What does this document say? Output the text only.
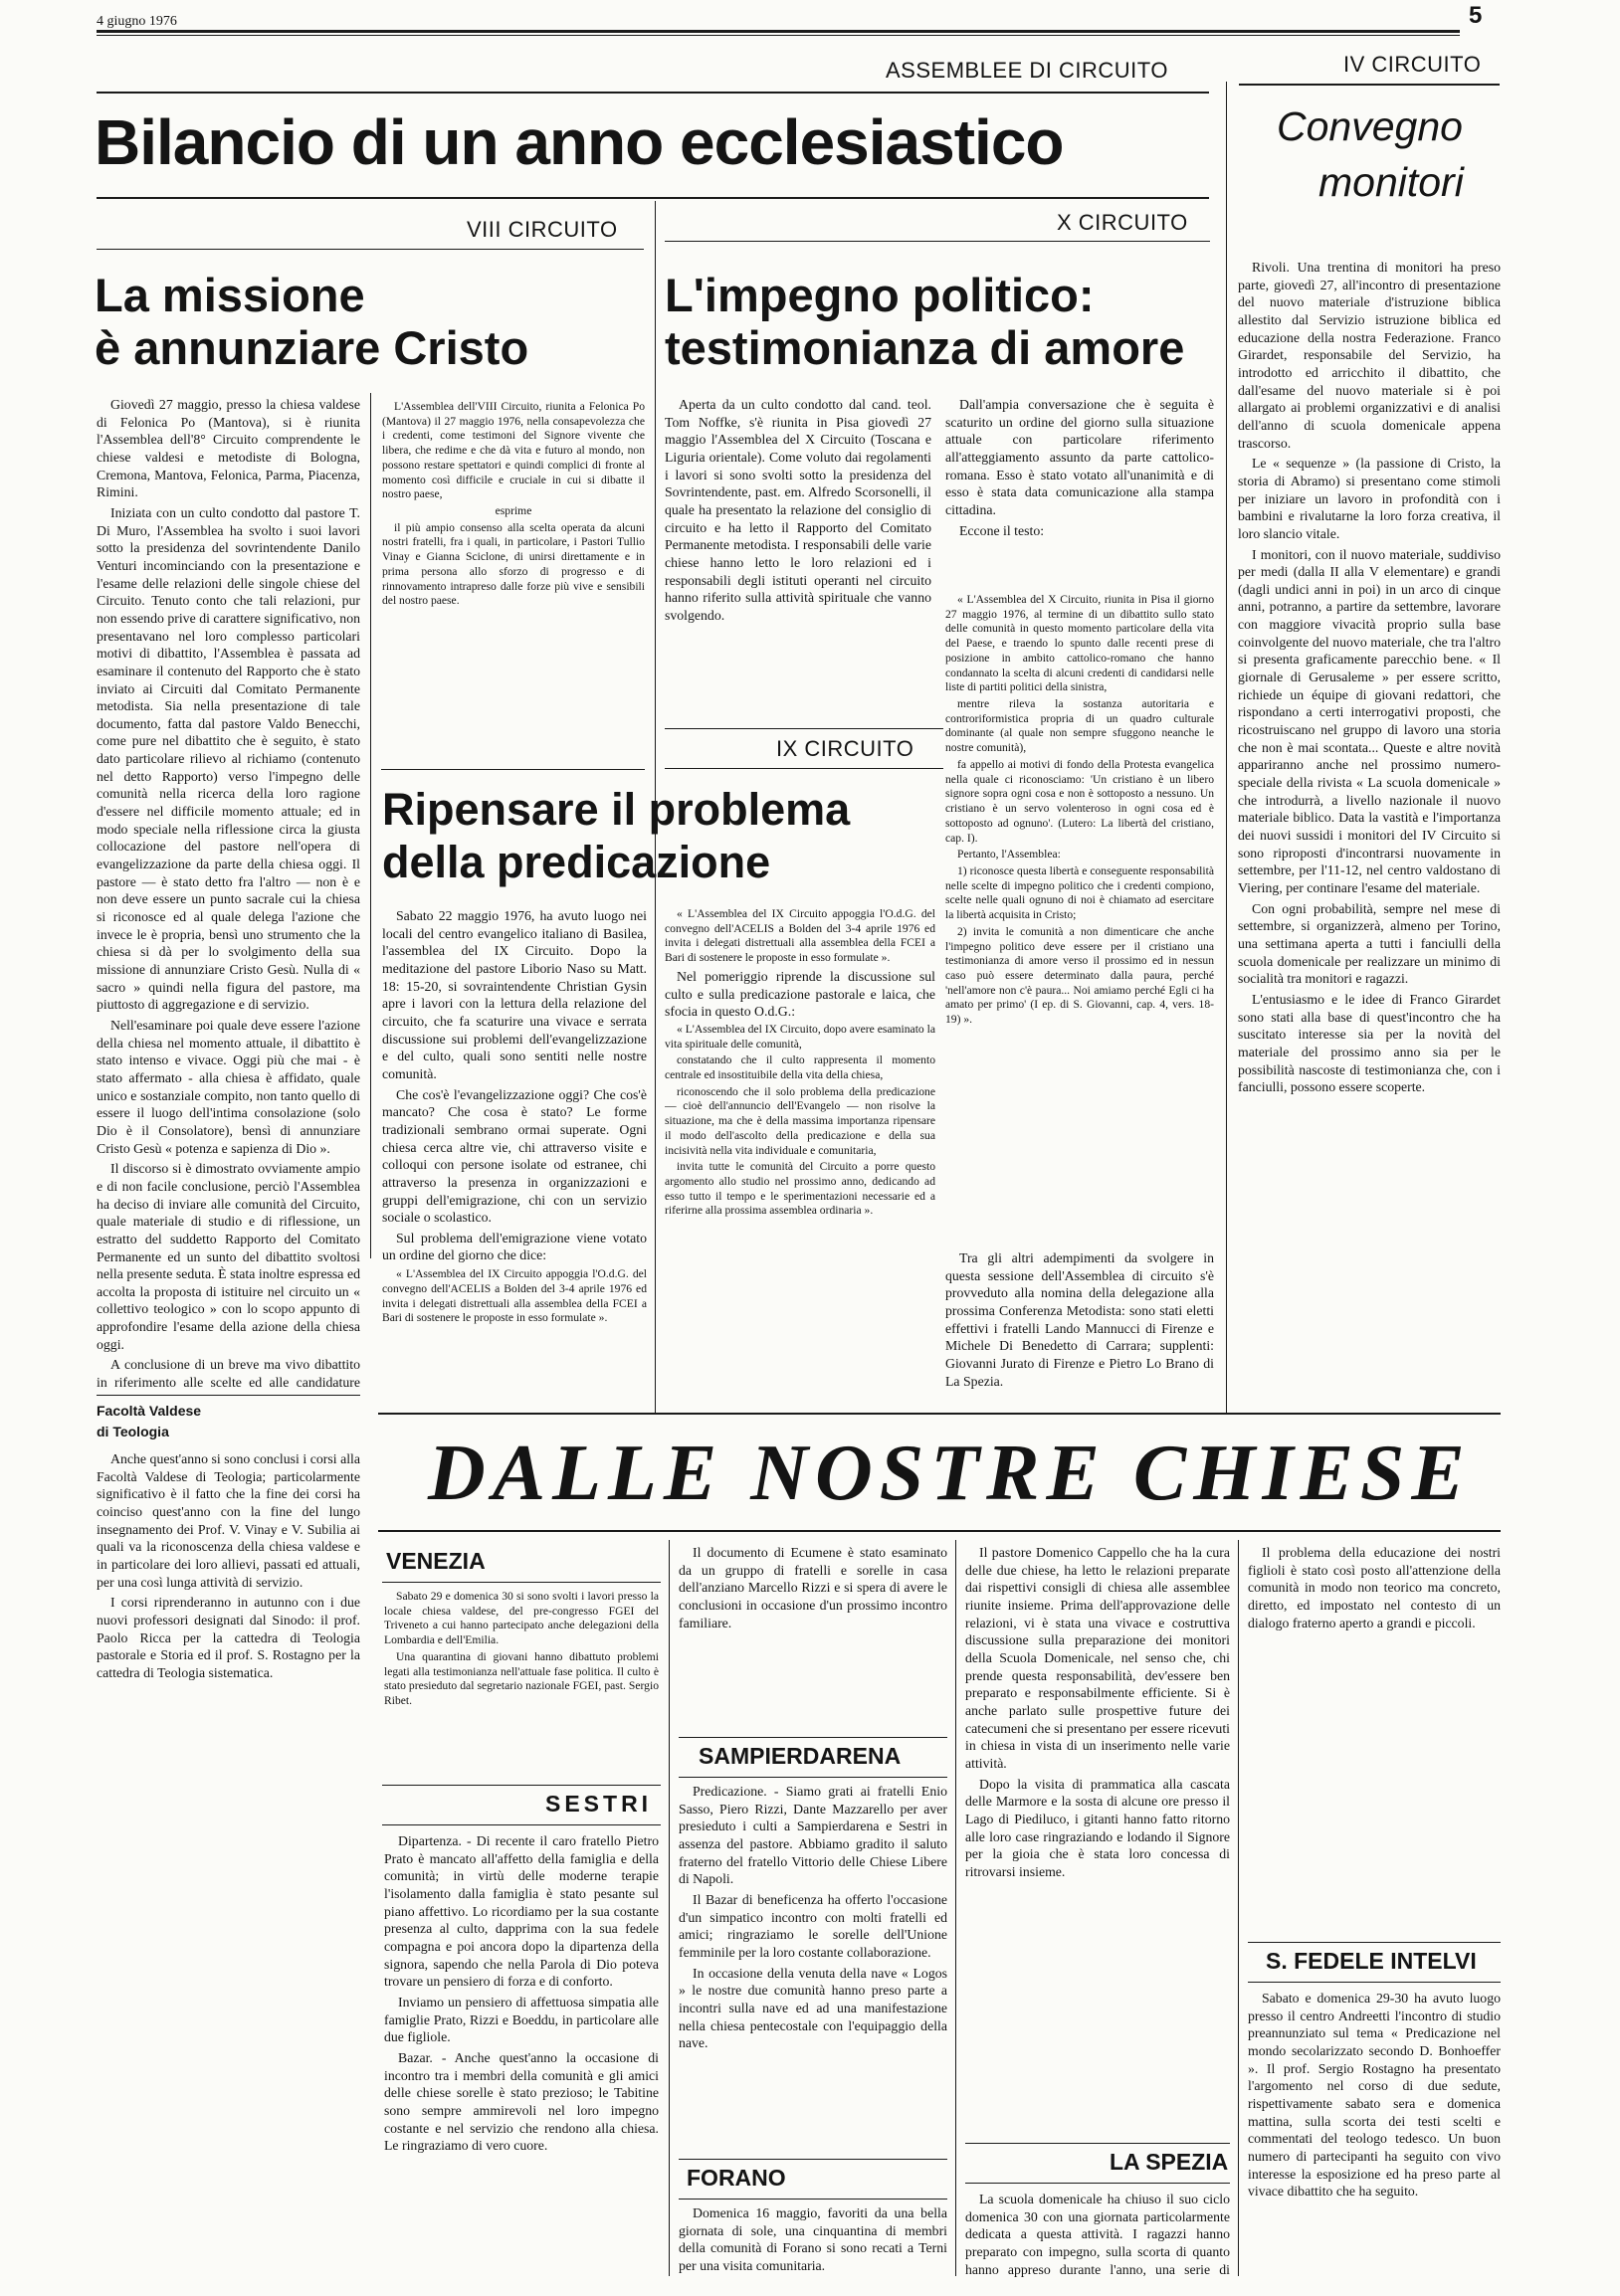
4 giugno 1976	5
ASSEMBLEE DI CIRCUITO	IV CIRCUITO
Bilancio di un anno ecclesiastico	Convegno
monitori
VIII CIRCUITO	X CIRCUITO
La missione
è annunziare Cristo
L'impegno politico:
testimonianza di amore

Giovedì 27 maggio, presso la chiesa valdese di Felonica Po (Mantova), si è riunita l'Assemblea dell'8° Circuito comprendente le chiese valdesi e metodiste di Bologna, Cremona, Mantova, Felonica, Parma, Piacenza, Rimini.

Iniziata con un culto condotto dal pastore T. Di Muro, l'Assemblea ha svolto i suoi lavori sotto la presidenza del sovrintendente Danilo Venturi incominciando con la presentazione e l'esame delle relazioni delle singole chiese del Circuito. Tenuto conto che tali relazioni, pur non essendo prive di carattere significativo, non presentavano nel loro complesso particolari motivi di dibattito, l'Assemblea è passata ad esaminare il contenuto del Rapporto che è stato inviato ai Circuiti dal Comitato Permanente metodista. Sia nella presentazione di tale documento, fatta dal pastore Valdo Benecchi, come pure nel dibattito che è seguito, è stato dato particolare rilievo al richiamo (contenuto nel detto Rapporto) verso l'impegno delle comunità nella ricerca della loro ragione d'essere nel difficile momento attuale; ed in modo speciale nella riflessione circa la giusta collocazione del pastore nell'opera di evangelizzazione da parte della chiesa oggi. Il pastore — è stato detto fra l'altro — non è e non deve essere un punto sacrale cui la chiesa si riconosce ed al quale delega l'azione che invece le è propria, bensì uno strumento che la chiesa si dà per lo svolgimento della sua missione di annunziare Cristo Gesù. Nulla di « sacro » quindi nella figura del pastore, ma piuttosto di aggregazione e di servizio.

Nell'esaminare poi quale deve essere l'azione della chiesa nel momento attuale, il dibattito è stato intenso e vivace. Oggi più che mai - è stato affermato - alla chiesa è affidato, quale unico e sostanziale compito, non tanto quello di essere il luogo dell'intima consolazione (solo Dio è il Consolatore), bensì di annunziare Cristo Gesù « potenza e sapienza di Dio ».

Il discorso si è dimostrato ovviamente ampio e di non facile conclusione, perciò l'Assemblea ha deciso di inviare alle comunità del Circuito, quale materiale di studio e di riflessione, un estratto del suddetto Rapporto del Comitato Permanente ed un sunto del dibattito svoltosi nella presente seduta. È stata inoltre espressa ed accolta la proposta di istituire nel circuito un « collettivo teologico » con lo scopo appunto di approfondire l'esame della azione della chiesa oggi.

A conclusione di un breve ma vivo dibattito in riferimento alle scelte ed alle candidature

L'Assemblea dell'VIII Circuito, riunita a Felonica Po (Mantova) il 27 maggio 1976, nella consapevolezza che i credenti, come testimoni del Signore vivente che libera, che redime e che dà vita e futuro al mondo, non possono restare spettatori e quindi complici di fronte al momento così difficile e cruciale in cui si dibatte il nostro paese,

esprime

il più ampio consenso alla scelta operata da alcuni nostri fratelli, fra i quali, in particolare, i Pastori Tullio Vinay e Gianna Sciclone, di unirsi direttamente e in prima persona allo sforzo di progresso e di rinnovamento intrapreso dalle forze più vive e sensibili del nostro paese.

Aperta da un culto condotto dal cand. teol. Tom Noffke, s'è riunita in Pisa giovedì 27 maggio l'Assemblea del X Circuito (Toscana e Liguria orientale). Come voluto dai regolamenti i lavori si sono svolti sotto la presidenza del Sovrintendente, past. em. Alfredo Scorsonelli, il quale ha presentato la relazione del consiglio di circuito e ha letto il Rapporto del Comitato Permanente metodista. I responsabili delle varie chiese hanno letto le loro relazioni ed i responsabili degli istituti operanti nel circuito hanno riferito sulla attività spirituale che vanno svolgendo.

Dall'ampia conversazione che è seguita è scaturito un ordine del giorno sulla situazione attuale con particolare riferimento all'atteggiamento assunto da parte cattolico-romana. Esso è stato votato all'unanimità e di esso è stata data comunicazione alla stampa cittadina.

Eccone il testo:

« L'Assemblea del X Circuito, riunita in Pisa il giorno 27 maggio 1976, al termine di un dibattito sullo stato delle comunità in questo momento particolare della vita del Paese, e traendo lo spunto dalle recenti prese di posizione in ambito cattolico-romano che hanno condannato la scelta di alcuni credenti di candidarsi nelle liste di partiti politici della sinistra,

mentre rileva la sostanza autoritaria e controriformistica propria di un quadro culturale dominante (al quale non sempre sfuggono neanche le nostre comunità),

fa appello ai motivi di fondo della Protesta evangelica nella quale ci riconosciamo: 'Un cristiano è un libero signore sopra ogni cosa e non è sottoposto a nessuno. Un cristiano è un servo volenteroso in ogni cosa ed è sottoposto ad ognuno'. (Lutero: La libertà del cristiano, cap. I).

Pertanto, l'Assemblea:

1) riconosce questa libertà e conseguente responsabilità nelle scelte di impegno politico che i credenti compiono, scelte nelle quali ognuno di noi è chiamato ad esercitare la libertà acquisita in Cristo;

2) invita le comunità a non dimenticare che anche l'impegno politico deve essere per il cristiano una testimonianza di amore verso il prossimo ed in nessun caso può essere determinato dalla paura, perché 'nell'amore non c'è paura... Noi amiamo perché Egli ci ha amato per primo' (I ep. di S. Giovanni, cap. 4, vers. 18-19) ».

Tra gli altri adempimenti da svolgere in questa sessione dell'Assemblea di circuito s'è provveduto alla nomina della delegazione alla prossima Conferenza Metodista: sono stati eletti effettivi i fratelli Lando Mannucci di Firenze e Michele Di Benedetto di Carrara; supplenti: Giovanni Jurato di Firenze e Pietro Lo Brano di La Spezia.

IX CIRCUITO
Ripensare il problema
della predicazione

Sabato 22 maggio 1976, ha avuto luogo nei locali del centro evangelico italiano di Basilea, l'assemblea del IX Circuito. Dopo la meditazione del pastore Liborio Naso su Matt. 18: 15-20, si sovraintendente Christian Gysin apre i lavori con la lettura della relazione del circuito, che fa scaturire una vivace e serrata discussione sui problemi dell'evangelizzazione e del culto, quali sono sentiti nelle nostre comunità.

Che cos'è l'evangelizzazione oggi? Che cos'è mancato? Che cosa è stato? Le forme tradizionali sembrano ormai superate. Ogni chiesa cerca altre vie, chi attraverso visite e colloqui con persone isolate od estranee, chi attraverso la presenza in organizzazioni e gruppi dell'emigrazione, chi con un servizio sociale o scolastico.

Sul problema dell'emigrazione viene votato un ordine del giorno che dice:

« L'Assemblea del IX Circuito appoggia l'O.d.G. del convegno dell'ACELIS a Bolden del 3-4 aprile 1976 ed invita i delegati distrettuali alla assemblea della FCEI a Bari di sostenere le proposte in esso formulate ».

« L'Assemblea del IX Circuito appoggia l'O.d.G. del convegno dell'ACELIS a Bolden del 3-4 aprile 1976 ed invita i delegati distrettuali alla assemblea della FCEI a Bari di sostenere le proposte in esso formulate ».

Nel pomeriggio riprende la discussione sul culto e sulla predicazione pastorale e laica, che sfocia in questo O.d.G.:

« L'Assemblea del IX Circuito, dopo avere esaminato la vita spirituale delle comunità,

constatando che il culto rappresenta il momento centrale ed insostituibile della vita della chiesa,

riconoscendo che il solo problema della predicazione — cioè dell'annuncio dell'Evangelo — non risolve la situazione, ma che è della massima importanza ripensare il modo dell'ascolto della predicazione e della sua incisività nella vita individuale e comunitaria,

invita tutte le comunità del Circuito a porre questo argomento allo studio nel prossimo anno, dedicando ad esso tutto il tempo e le sperimentazioni necessarie ed a riferirne alla prossima assemblea ordinaria ».

Rivoli. Una trentina di monitori ha preso parte, giovedì 27, all'incontro di presentazione del nuovo materiale d'istruzione biblica allestito dal Servizio istruzione biblica ed educazione della nostra Federazione. Franco Girardet, responsabile del Servizio, ha introdotto ed arricchito il dibattito, che dall'esame del nuovo materiale si è poi allargato ai problemi organizzativi e di analisi dell'anno di scuola domenicale appena trascorso.

Le « sequenze » (la passione di Cristo, la storia di Abramo) si presentano come stimoli per iniziare un lavoro in profondità con i bambini e rivalutarne la loro forza creativa, il loro slancio vitale.

I monitori, con il nuovo materiale, suddiviso per medi (dalla II alla V elementare) e grandi (dagli undici anni in poi) in un arco di cinque anni, potranno, a partire da settembre, lavorare con maggiore vivacità proprio sulla base coinvolgente del nuovo materiale, che tra l'altro si presenta graficamente parecchio bene. « Il giornale di Gerusaleme » per essere scritto, richiede un équipe di giovani redattori, che rispondano a certi interrogativi proposti, che ricostruiscano nel gruppo di lavoro una storia che non è mai scontata... Queste e altre novità appariranno anche nel prossimo numero-speciale della rivista « La scuola domenicale » che introdurrà, a livello nazionale il nuovo materiale biblico. Data la vastità e l'importanza dei nuovi sussidi i monitori del IV Circuito si sono riproposti d'incontrarsi nuovamente in settembre, per l'11-12, nel centro valdostano di Viering, per continare l'esame del materiale.

Con ogni probabilità, sempre nel mese di settembre, si organizzerà, almeno per Torino, una settimana aperta a tutti i fanciulli della scuola domenicale per realizzare un minimo di socialità tra monitori e ragazzi.

L'entusiasmo e le idee di Franco Girardet sono stati alla base di quest'incontro che ha suscitato interesse sia per la novità del materiale del prossimo anno sia per le possibilità nascoste di testimonianza che, con i fanciulli, possono essere scoperte.

DALLE NOSTRE CHIESE
Facoltà Valdese
di Teologia

Anche quest'anno si sono conclusi i corsi alla Facoltà Valdese di Teologia; particolarmente significativo è il fatto che la fine dei corsi ha coinciso quest'anno con la fine del lungo insegnamento dei Prof. V. Vinay e V. Subilia ai quali va la riconoscenza della chiesa valdese e in particolare dei loro allievi, passati ed attuali, per una così lunga attività di servizio.

I corsi riprenderanno in autunno con i due nuovi professori designati dal Sinodo: il prof. Paolo Ricca per la cattedra di Teologia pastorale e Storia ed il prof. S. Rostagno per la cattedra di Teologia sistematica.

VENEZIA

Sabato 29 e domenica 30 si sono svolti i lavori presso la locale chiesa valdese, del pre-congresso FGEI del Triveneto a cui hanno partecipato anche delegazioni della Lombardia e dell'Emilia.

Una quarantina di giovani hanno dibattuto problemi legati alla testimonianza nell'attuale fase politica. Il culto è stato presieduto dal segretario nazionale FGEI, past. Sergio Ribet.

SESTRI

Dipartenza. - Di recente il caro fratello Pietro Prato è mancato all'affetto della famiglia e della comunità; in virtù delle moderne terapie l'isolamento dalla famiglia è stato pesante sul piano affettivo. Lo ricordiamo per la sua costante presenza al culto, dapprima con la sua fedele compagna e poi ancora dopo la dipartenza della signora, sapendo che nella Parola di Dio poteva trovare un pensiero di forza e di conforto.

Inviamo un pensiero di affettuosa simpatia alle famiglie Prato, Rizzi e Boeddu, in particolare alle due figliole.

Bazar. - Anche quest'anno la occasione di incontro tra i membri della comunità e gli amici delle chiese sorelle è stato prezioso; le Tabitine sono sempre ammirevoli nel loro impegno costante e nel servizio che rendono alla chiesa. Le ringraziamo di vero cuore.

Il documento di Ecumene è stato esaminato da un gruppo di fratelli e sorelle in casa dell'anziano Marcello Rizzi e si spera di avere le conclusioni in occasione d'un prossimo incontro familiare.

SAMPIERDARENA

Predicazione. - Siamo grati ai fratelli Enio Sasso, Piero Rizzi, Dante Mazzarello per aver presieduto i culti a Sampierdarena e Sestri in assenza del pastore. Abbiamo gradito il saluto fraterno del fratello Vittorio delle Chiese Libere di Napoli.

Il Bazar di beneficenza ha offerto l'occasione d'un simpatico incontro con molti fratelli ed amici; ringraziamo le sorelle dell'Unione femminile per la loro costante collaborazione.

In occasione della venuta della nave « Logos » le nostre due comunità hanno preso parte a incontri sulla nave ed ad una manifestazione nella chiesa pentecostale con l'equipaggio della nave.

FORANO

Domenica 16 maggio, favoriti da una bella giornata di sole, una cinquantina di membri della comunità di Forano si sono recati a Terni per una visita comunitaria.

Il pastore Domenico Cappello che ha la cura delle due chiese, ha letto le relazioni preparate dai rispettivi consigli di chiesa alle assemblee riunite insieme. Prima dell'approvazione delle relazioni, vi è stata una vivace e costruttiva discussione sulla preparazione dei monitori della Scuola Domenicale, nel senso che, chi prende questa responsabilità, dev'essere ben preparato e responsabilmente efficiente. Si è anche parlato sulle prospettive future dei catecumeni che si presentano per essere ricevuti in chiesa in vista di un inserimento nelle varie attività.

Dopo la visita di prammatica alla cascata delle Marmore e la sosta di alcune ore presso il Lago di Piediluco, i gitanti hanno fatto ritorno alle loro case ringraziando e lodando il Signore per la gioia che è stata loro concessa di ritrovarsi insieme.

LA SPEZIA

La scuola domenicale ha chiuso il suo ciclo domenica 30 con una giornata particolarmente dedicata a questa attività. I ragazzi hanno preparato con impegno, sulla scorta di quanto hanno appreso durante l'anno, una serie di

Il problema della educazione dei nostri figlioli è stato così posto all'attenzione della comunità in modo non teorico ma concreto, diretto, ed impostato nel contesto di un dialogo fraterno aperto a grandi e piccoli.

S. FEDELE INTELVI

Sabato e domenica 29-30 ha avuto luogo presso il centro Andreetti l'incontro di studio preannunziato sul tema « Predicazione nel mondo secolarizzato secondo D. Bonhoeffer ». Il prof. Sergio Rostagno ha presentato l'argomento nel corso di due sedute, rispettivamente sabato sera e domenica mattina, sulla scorta dei testi scelti e commentati del teologo tedesco. Un buon numero di partecipanti ha seguito con vivo interesse la esposizione ed ha preso parte al vivace dibattito che ha seguito.
